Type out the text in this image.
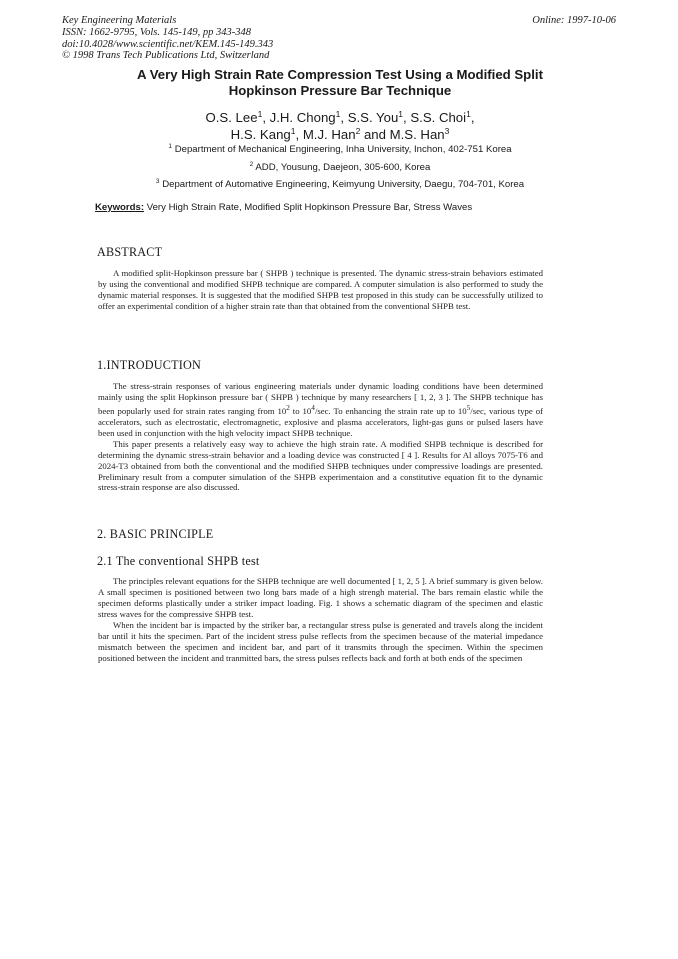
Key Engineering Materials
ISSN: 1662-9795, Vols. 145-149, pp 343-348
doi:10.4028/www.scientific.net/KEM.145-149.343
© 1998 Trans Tech Publications Ltd, Switzerland
Online: 1997-10-06
A Very High Strain Rate Compression Test Using a Modified Split
Hopkinson Pressure Bar Technique
O.S. Lee$^1$, J.H. Chong$^1$, S.S. You$^1$, S.S. Choi$^1$,
H.S. Kang$^1$, M.J. Han$^2$ and M.S. Han$^3$
$^1$ Department of Mechanical Engineering, Inha University, Inchon, 402-751 Korea
$^2$ ADD, Yousung, Daejeon, 305-600, Korea
$^3$ Department of Automative Engineering, Keimyung University, Daegu, 704-701, Korea
Keywords: Very High Strain Rate, Modified Split Hopkinson Pressure Bar, Stress Waves
ABSTRACT

A modified split-Hopkinson pressure bar ( SHPB ) technique is presented. The dynamic stress-strain behaviors estimated by using the conventional and modified SHPB technique are compared. A computer simulation is also performed to study the dynamic material responses. It is suggested that the modified SHPB test proposed in this study can be successfully utilized to offer an experimental condition of a higher strain rate than that obtained from the conventional SHPB test.

1.INTRODUCTION

The stress-strain responses of various engineering materials under dynamic loading conditions have been determined mainly using the split Hopkinson pressure bar ( SHPB ) technique by many researchers [ 1, 2, 3 ]. The SHPB technique has been popularly used for strain rates ranging from $10^2$ to $10^4/\sec$. To enhancing the strain rate up to $10^5/\sec$, various type of accelerators, such as electrostatic, electromagnetic, explosive and plasma accelerators, light-gas guns or pulsed lasers have been used in conjunction with the high velocity impact SHPB technique.

This paper presents a relatively easy way to achieve the high strain rate. A modified SHPB technique is described for determining the dynamic stress-strain behavior and a loading device was constructed [ 4 ]. Results for Al alloys 7075-T6 and 2024-T3 obtained from both the conventional and the modified SHPB techniques under compressive loadings are presented. Preliminary result from a computer simulation of the SHPB experimentaion and a constitutive equation fit to the dynamic stress-strain response are also discussed.

2. BASIC PRINCIPLE
2.1 The conventional SHPB test

The principles relevant equations for the SHPB technique are well documented [ 1, 2, 5 ]. A brief summary is given below. A small specimen is positioned between two long bars made of a high strengh material. The bars remain elastic while the specimen deforms plastically under a striker impact loading. Fig. 1 shows a schematic diagram of the specimen and elastic stress waves for the compressive SHPB test.

When the incident bar is impacted by the striker bar, a rectangular stress pulse is generated and travels along the incident bar until it hits the specimen. Part of the incident stress pulse reflects from the specimen because of the material impedance mismatch between the specimen and incident bar, and part of it transmits through the specimen. Within the specimen positioned between the incident and tranmitted bars, the stress pulses reflects back and forth at both ends of the specimen
